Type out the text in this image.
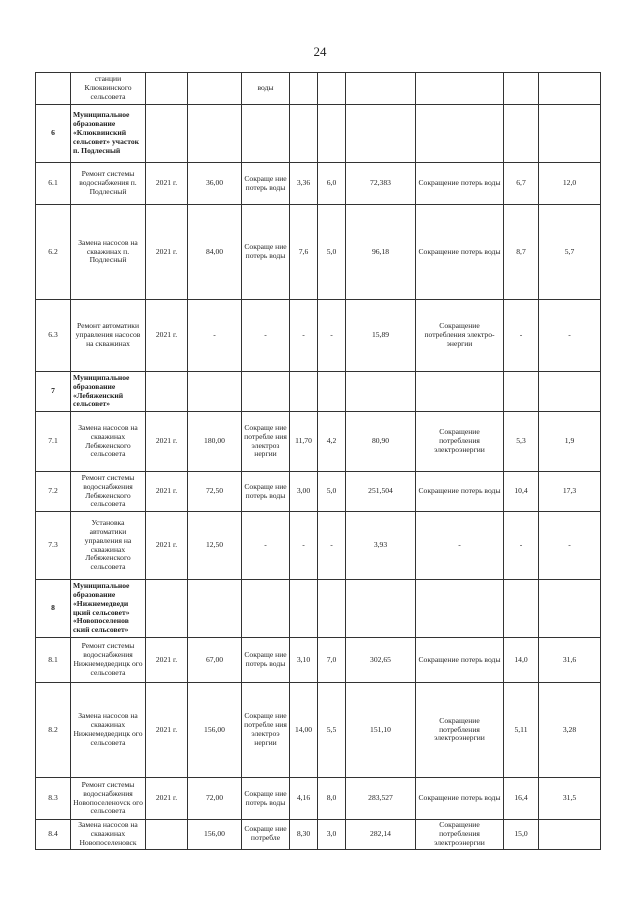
24
	станции Клюквинского сельсовета			воды						
6	Муниципальное образование «Клюквинский сельсовет» участок п. Подлесный									
6.1	Ремонт системы водоснабжения п. Подлесный	2021 г.	36,00	Сокраще ние потерь воды	3,36	6,0	72,383	Сокращение потерь воды	6,7	12,0
6.2	Замена насосов на скважинах п. Подлесный	2021 г.	84,00	Сокраще ние потерь воды	7,6	5,0	96,18	Сокращение потерь воды	8,7	5,7
6.3	Ремонт автоматики управления насосов на скважинах	2021 г.	-	-	-	-	15,89	Сокращение потребления электро-энергии	-	-
7	Муниципальное образование «Лебяженский сельсовет»									
7.1	Замена насосов на скважинах Лебяженского сельсовета	2021 г.	180,00	Сокраще ние потребле ния электроз нергии	11,70	4,2	80,90	Сокращение потребления электроэнергии	5,3	1,9
7.2	Ремонт системы водоснабжения Лебяженского сельсовета	2021 г.	72,50	Сокраще ние потерь воды	3,00	5,0	251,504	Сокращение потерь воды	10,4	17,3
7.3	Установка автоматики управления на скважинах Лебяженского сельсовета	2021 г.	12,50	-	-	-	3,93	-	-	-
8	Муниципальное образование «Нижнемедведи цкий сельсовет» «Новопоселенов ский сельсовет»									
8.1	Ремонт системы водоснабжения Нижнемедведицк ого сельсовета	2021 г.	67,00	Сокраще ние потерь воды	3,10	7,0	302,65	Сокращение потерь воды	14,0	31,6
8.2	Замена насосов на скважинах Нижнемедведицк ого сельсовета	2021 г.	156,00	Сокраще ние потребле ния электроэ нергии	14,00	5,5	151,10	Сокращение потребления электроэнергии	5,11	3,28
8.3	Ремонт системы водоснабжения Новопоселенovск ого сельсовета	2021 г.	72,00	Сокраще ние потерь воды	4,16	8,0	283,527	Сокращение потерь воды	16,4	31,5
8.4	Замена насосов на скважинах Новопоселеновск		156,00	Сокраще ние потребле	8,30	3,0	282,14	Сокращение потребления электроэнергии	15,0	
